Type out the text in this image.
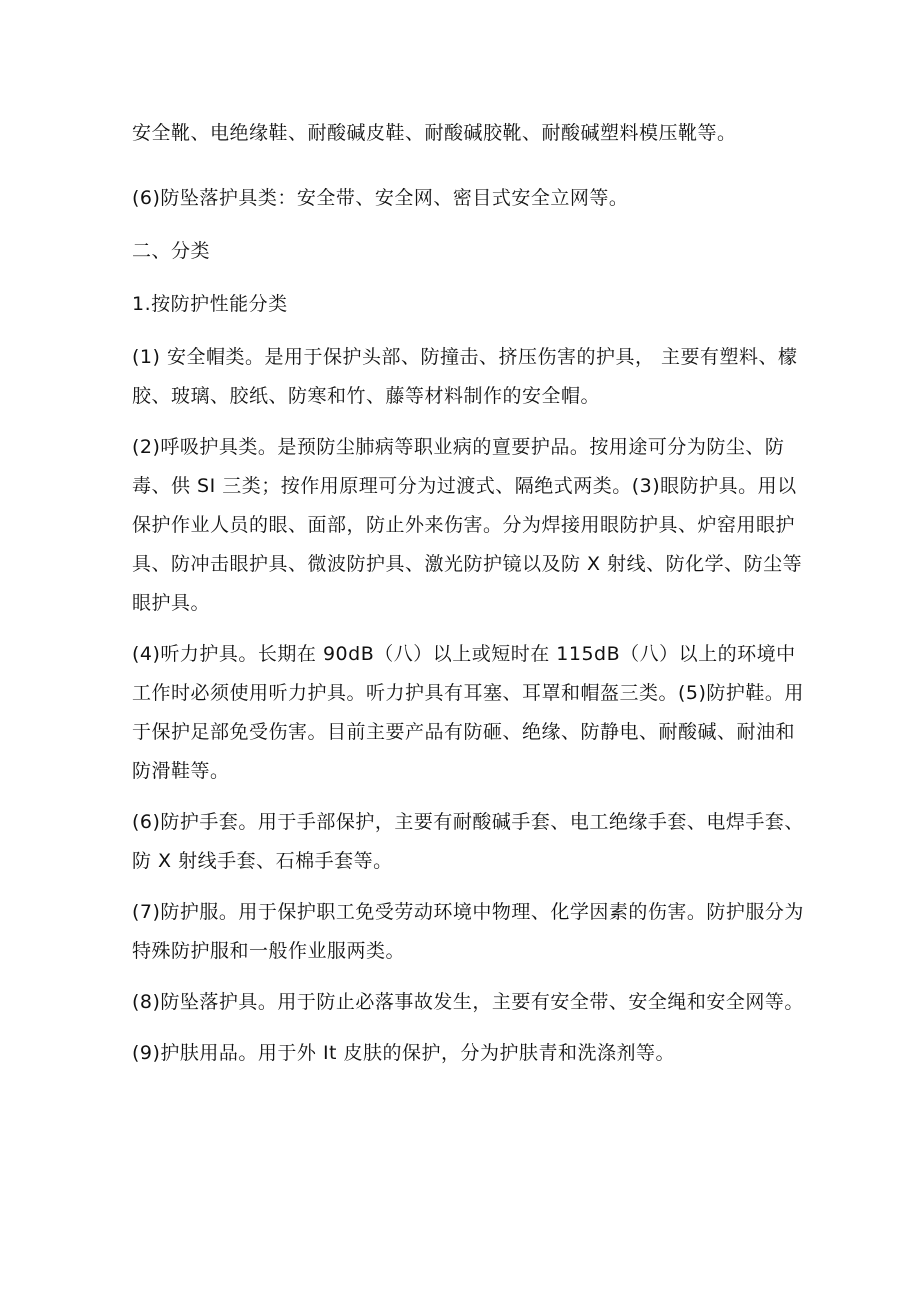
安全靴、电绝缘鞋、耐酸碱皮鞋、耐酸碱胶靴、耐酸碱塑料模压靴等。

(6)防坠落护具类：安全带、安全网、密目式安全立网等。

二、分类

1.按防护性能分类

(1) 安全帽类。是用于保护头部、防撞击、挤压伤害的护具， 主要有塑料、檬胶、玻璃、胶纸、防寒和竹、藤等材料制作的安全帽。

(2)呼吸护具类。是预防尘肺病等职业病的亶要护品。按用途可分为防尘、防毒、供 SI 三类；按作用原理可分为过渡式、隔绝式两类。(3)眼防护具。用以保护作业人员的眼、面部，防止外来伤害。分为焊接用眼防护具、炉窑用眼护具、防冲击眼护具、微波防护具、激光防护镜以及防 X 射线、防化学、防尘等眼护具。

(4)听力护具。长期在 90dB（八）以上或短时在 115dB（八）以上的环境中工作时必须使用听力护具。听力护具有耳塞、耳罩和帽盔三类。(5)防护鞋。用于保护足部免受伤害。目前主要产品有防砸、绝缘、防静电、耐酸碱、耐油和防滑鞋等。

(6)防护手套。用于手部保护，主要有耐酸碱手套、电工绝缘手套、电焊手套、防 X 射线手套、石棉手套等。

(7)防护服。用于保护职工免受劳动环境中物理、化学因素的伤害。防护服分为特殊防护服和一般作业服两类。

(8)防坠落护具。用于防止必落事故发生，主要有安全带、安全绳和安全网等。

(9)护肤用品。用于外 It 皮肤的保护，分为护肤青和洗涤剂等。
